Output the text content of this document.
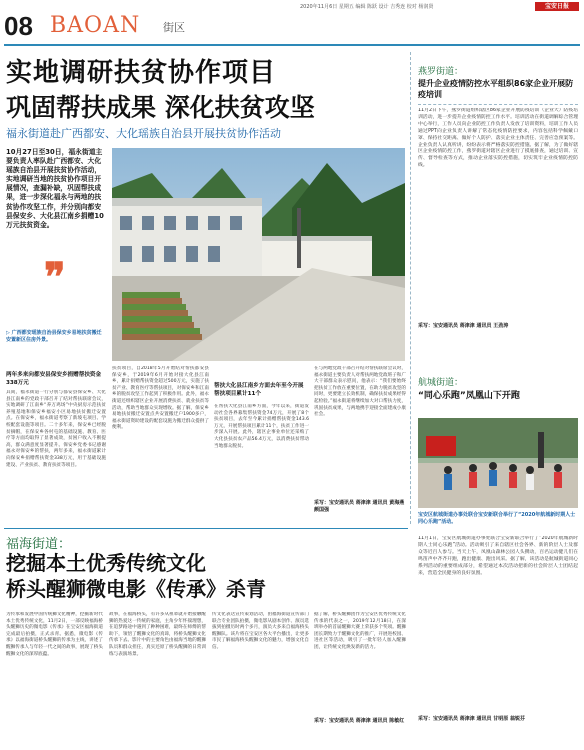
08 BAOAN 街区
2020年11月6日 星期五 编辑 陈跃 设计 吉秀连 校对 杨润贤	宝安日报
实地调研扶贫协作项目
巩固帮扶成果 深化扶贫攻坚
福永街道赴广西都安、大化瑶族自治县开展扶贫协作活动
10月27日至30日，福永街道主要负责人率队赴广西都安、大化瑶族自治县开展扶贫协作活动，实地调研当地的扶贫协作项目开展情况，查漏补缺，巩固帮扶成果，进一步深化福永与两地的扶贫协作攻坚工作，并分别向都安县保安乡、大化县江南乡捐赠10万元扶贫资金。
❞
▷ 广西都安瑶族自治县保安乡易地扶贫搬迁安置新区住房外景。
两年多来向都安县保安乡捐赠帮扶资金338万元
其间，福永街道一行分别与都安县保安乡、大化县江南乡的党政干部召开了结对帮扶联席会议，实地调研了江南乡“养万鸡场”中央厨房示范扶贫养殖基地和保安乡福安小区易地扶贫搬迁安置点。在保安乡，福永街道考察了新坡屯项目、学校配套设施等项目。二十多年来，保安乡已经脱贫摘帽，在保安乡各村屯的基础设施、教育、医疗等方面均取得了显著成效，贫困户收入不断提高，群众满意度显著提升。保安乡党委书记感谢福永对保安乡的帮扶，两年多来，福永街道累计向保安乡捐赠帮扶资金338万元，用于基础设施建设、产业扶贫、教育扶贫等项目。
扶贫项目，自2018年5月开始结对帮扶都安县保安乡，于2019年6月开始对接大化县江南乡，累计捐赠帮扶资金超过500万元，实施了扶贫产业、教育医疗等帮扶项目，对保安乡和江南乡的脱贫攻坚工作起到了积极作用。此外，福永街道还组织辖区企业开展消费扶贫、就业扶贫等活动，帮助当地群众实现增收。据了解，保安乡易地扶贫搬迁安置点共安置搬迁户1900多户，福永街道资助建设的配套设施为搬迁群众提供了便利。
帮扶大化县江南乡方面去年至今开展帮扶项目累计11个
在帮扶大化县江南乡方面，今年以来，街道发动社会各界募集帮扶资金74万元，开展了8个扶贫项目，去年至今累计捐赠帮扶资金143.6万元，开展帮扶项目累计11个，扶贫工作进一步深入开展。此外，辖区企事业单位还采购了大化县扶贫农产品56.4万元，以消费扶贫带动当地群众脱贫。
在与两地党政干部召开结对帮扶联席会议时，福永街道主要负责人对帮扶两地党政班子和广大干部群众表示慰问，他表示：“我们要始终把扶贫工作放在重要位置，在助力脱贫攻坚的同时，更要建立长效机制，确保扶贫成果经得起检验。”福永街道将继续加大对口帮扶力度，巩固扶贫成果，与两地携手迎接全面建成小康社会。
采写：宝安通讯员 蒋津津 通讯员 黄海燕 颜国强
燕罗街道：
提升企业疫情防控水平组织86家企业开展防疫培训
11月2日下午，燕罗街道组织辖区86家企业开展防疫培训（企业大）防疫培训活动，进一步提升企业疫情防控工作水平。培训活动在街道调解综合管理中心举行，工作人员向企业防控工作负责人发放了培训资料，培训工作人员通过PPT向企业负责人讲解了常态化疫情防控要求，内容包括科学佩戴口罩、保持社交距离、做好个人防护、落实企业主体责任、完善应急预案等。企业负责人认真听讲，纷纷表示将严格落实防控措施。据了解，为了做好辖区企业疫情防控工作，燕罗街道对辖区企业进行了摸底排查，通过培训、宣传、督导检查等方式，推动企业落实防控措施，切实筑牢企业疫情防控防线。
采写：宝安通讯员 蒋津津 通讯员 王劲涛
航城街道：
“同心乐跑”凤凰山下开跑
宝安区航城街道办事处联合宝安新联合举行了“2020年航城新时期人士同心乐跑”活动。
11月1日，宝安区航城街道办事处联合宝安新联合举行了“2020年航城新时期人士同心乐跑”活动。活动吸引了来自辖区社会各界、新的阶层人士及群众等近百人参与。当天上午，凤凰山森林公园人头攒动，百名运动健儿们在鸣笛声中齐齐开跑，跑出健康、跑出风采。据了解，该活动是航城街道同心系列活动的重要组成部分，希望通过本次活动把新的社会阶层人士团结起来，营造全民健身的良好氛围。
采写：宝安通讯员 蒋津津 通讯员 甘明原 翁锐芬
福海街道：
挖掘本土优秀传统文化
桥头醒狮微电影《传承》杀青
为传承和发展中国传统狮文化精神，挖掘新时代本土优秀传统文化，11月2日，一部反映福海桥头醒狮历史的微电影《传承》在宝安区福海街道完成最后拍摄，正式杀青。据悉，微电影《传承》以福海街道桥头醒狮的传承为主线，讲述了醒狮传承人与年轻一代之间的故事，展现了桥头醒狮文化的深厚底蕴。
故事，在福海桥头，有许多从祖辈就开始接触醒狮的热爱这一传统的家庭，主角少年怀揣理想，在追梦路途中遇到了种种困难，最终在师傅的帮助下，领悟了醒狮文化的真谛，将桥头醒狮文化传承下去。影片中的主要角色由福海当地的醒狮队员和群众担任，真实还原了桥头醒狮的日常训练与表演场景。
传文化表达宣传策划活动，由福海街道宣传部门联合专业团队拍摄，微电影从剧本创作、演员选拔到拍摄历时两个多月，演员大多来自福海桥头醒狮队。该片将在宝安区各大平台播出，让更多市民了解福海桥头醒狮文化的魅力，增强文化自信。
据了解，桥头醒狮团作为宝安区优秀传统文化传承的代表之一，2019年12月18日，在深圳举办的首届醒狮大赛上荣获多个奖项。醒狮团长期致力于醒狮文化的推广，开展进校园、进社区等活动，吸引了一批年轻人加入醒狮团，让传统文化焕发新的活力。
采写：宝安通讯员 蒋津津 通讯员 陈敏红
